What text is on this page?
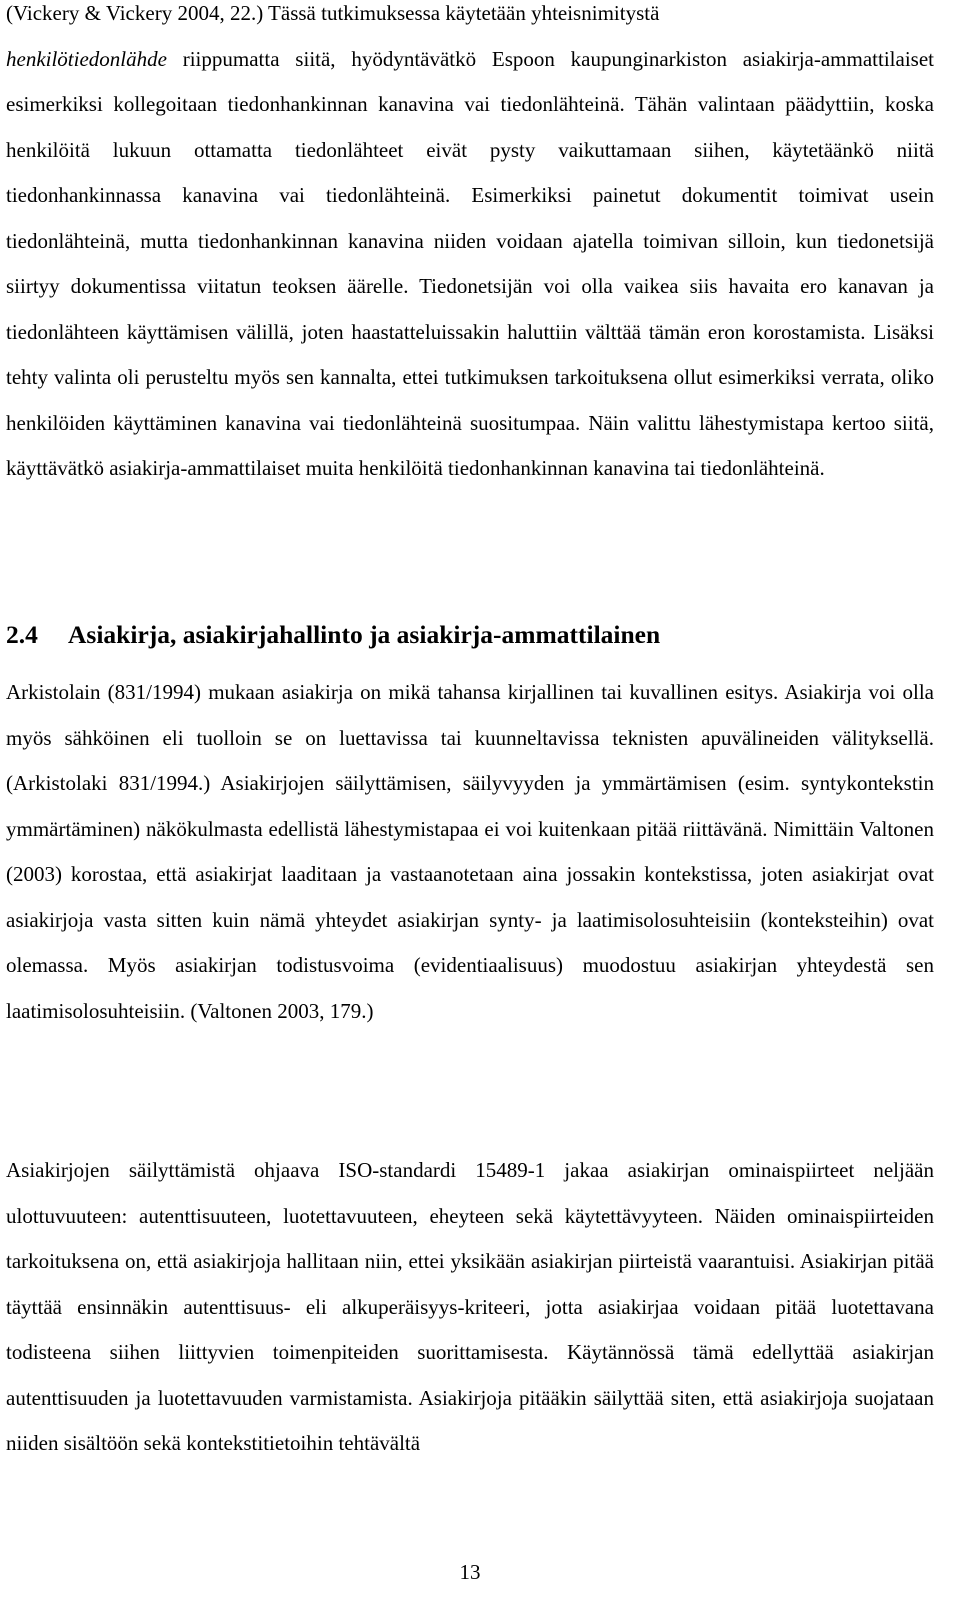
(Vickery & Vickery 2004, 22.) Tässä tutkimuksessa käytetään yhteisnimitystä
henkilötiedonlähde riippumatta siitä, hyödyntävätkö Espoon kaupunginarkiston asiakirja-ammattilaiset esimerkiksi kollegoitaan tiedonhankinnan kanavina vai tiedonlähteinä. Tähän valintaan päädyttiin, koska henkilöitä lukuun ottamatta tiedonlähteet eivät pysty vaikuttamaan siihen, käytetäänkö niitä tiedonhankinnassa kanavina vai tiedonlähteinä. Esimerkiksi painetut dokumentit toimivat usein tiedonlähteinä, mutta tiedonhankinnan kanavina niiden voidaan ajatella toimivan silloin, kun tiedonetsijä siirtyy dokumentissa viitatun teoksen äärelle. Tiedonetsijän voi olla vaikea siis havaita ero kanavan ja tiedonlähteen käyttämisen välillä, joten haastatteluissakin haluttiin välttää tämän eron korostamista. Lisäksi tehty valinta oli perusteltu myös sen kannalta, ettei tutkimuksen tarkoituksena ollut esimerkiksi verrata, oliko henkilöiden käyttäminen kanavina vai tiedonlähteinä suositumpaa. Näin valittu lähestymistapa kertoo siitä, käyttävätkö asiakirja-ammattilaiset muita henkilöitä tiedonhankinnan kanavina tai tiedonlähteinä.

2.4 Asiakirja, asiakirjahallinto ja asiakirja-ammattilainen

Arkistolain (831/1994) mukaan asiakirja on mikä tahansa kirjallinen tai kuvallinen esitys. Asiakirja voi olla myös sähköinen eli tuolloin se on luettavissa tai kuunneltavissa teknisten apuvälineiden välityksellä. (Arkistolaki 831/1994.) Asiakirjojen säilyttämisen, säilyvyyden ja ymmärtämisen (esim. syntykontekstin ymmärtäminen) näkökulmasta edellistä lähestymistapaa ei voi kuitenkaan pitää riittävänä. Nimittäin Valtonen (2003) korostaa, että asiakirjat laaditaan ja vastaanotetaan aina jossakin kontekstissa, joten asiakirjat ovat asiakirjoja vasta sitten kuin nämä yhteydet asiakirjan synty- ja laatimisolosuhteisiin (konteksteihin) ovat olemassa. Myös asiakirjan todistusvoima (evidentiaalisuus) muodostuu asiakirjan yhteydestä sen laatimisolosuhteisiin. (Valtonen 2003, 179.)

Asiakirjojen säilyttämistä ohjaava ISO-standardi 15489-1 jakaa asiakirjan ominaispiirteet neljään ulottuvuuteen: autenttisuuteen, luotettavuuteen, eheyteen sekä käytettävyyteen. Näiden ominaispiirteiden tarkoituksena on, että asiakirjoja hallitaan niin, ettei yksikään asiakirjan piirteistä vaarantuisi. Asiakirjan pitää täyttää ensinnäkin autenttisuus- eli alkuperäisyys-kriteeri, jotta asiakirjaa voidaan pitää luotettavana todisteena siihen liittyvien toimenpiteiden suorittamisesta. Käytännössä tämä edellyttää asiakirjan autenttisuuden ja luotettavuuden varmistamista. Asiakirjoja pitääkin säilyttää siten, että asiakirjoja suojataan niiden sisältöön sekä kontekstitietoihin tehtävältä

13
